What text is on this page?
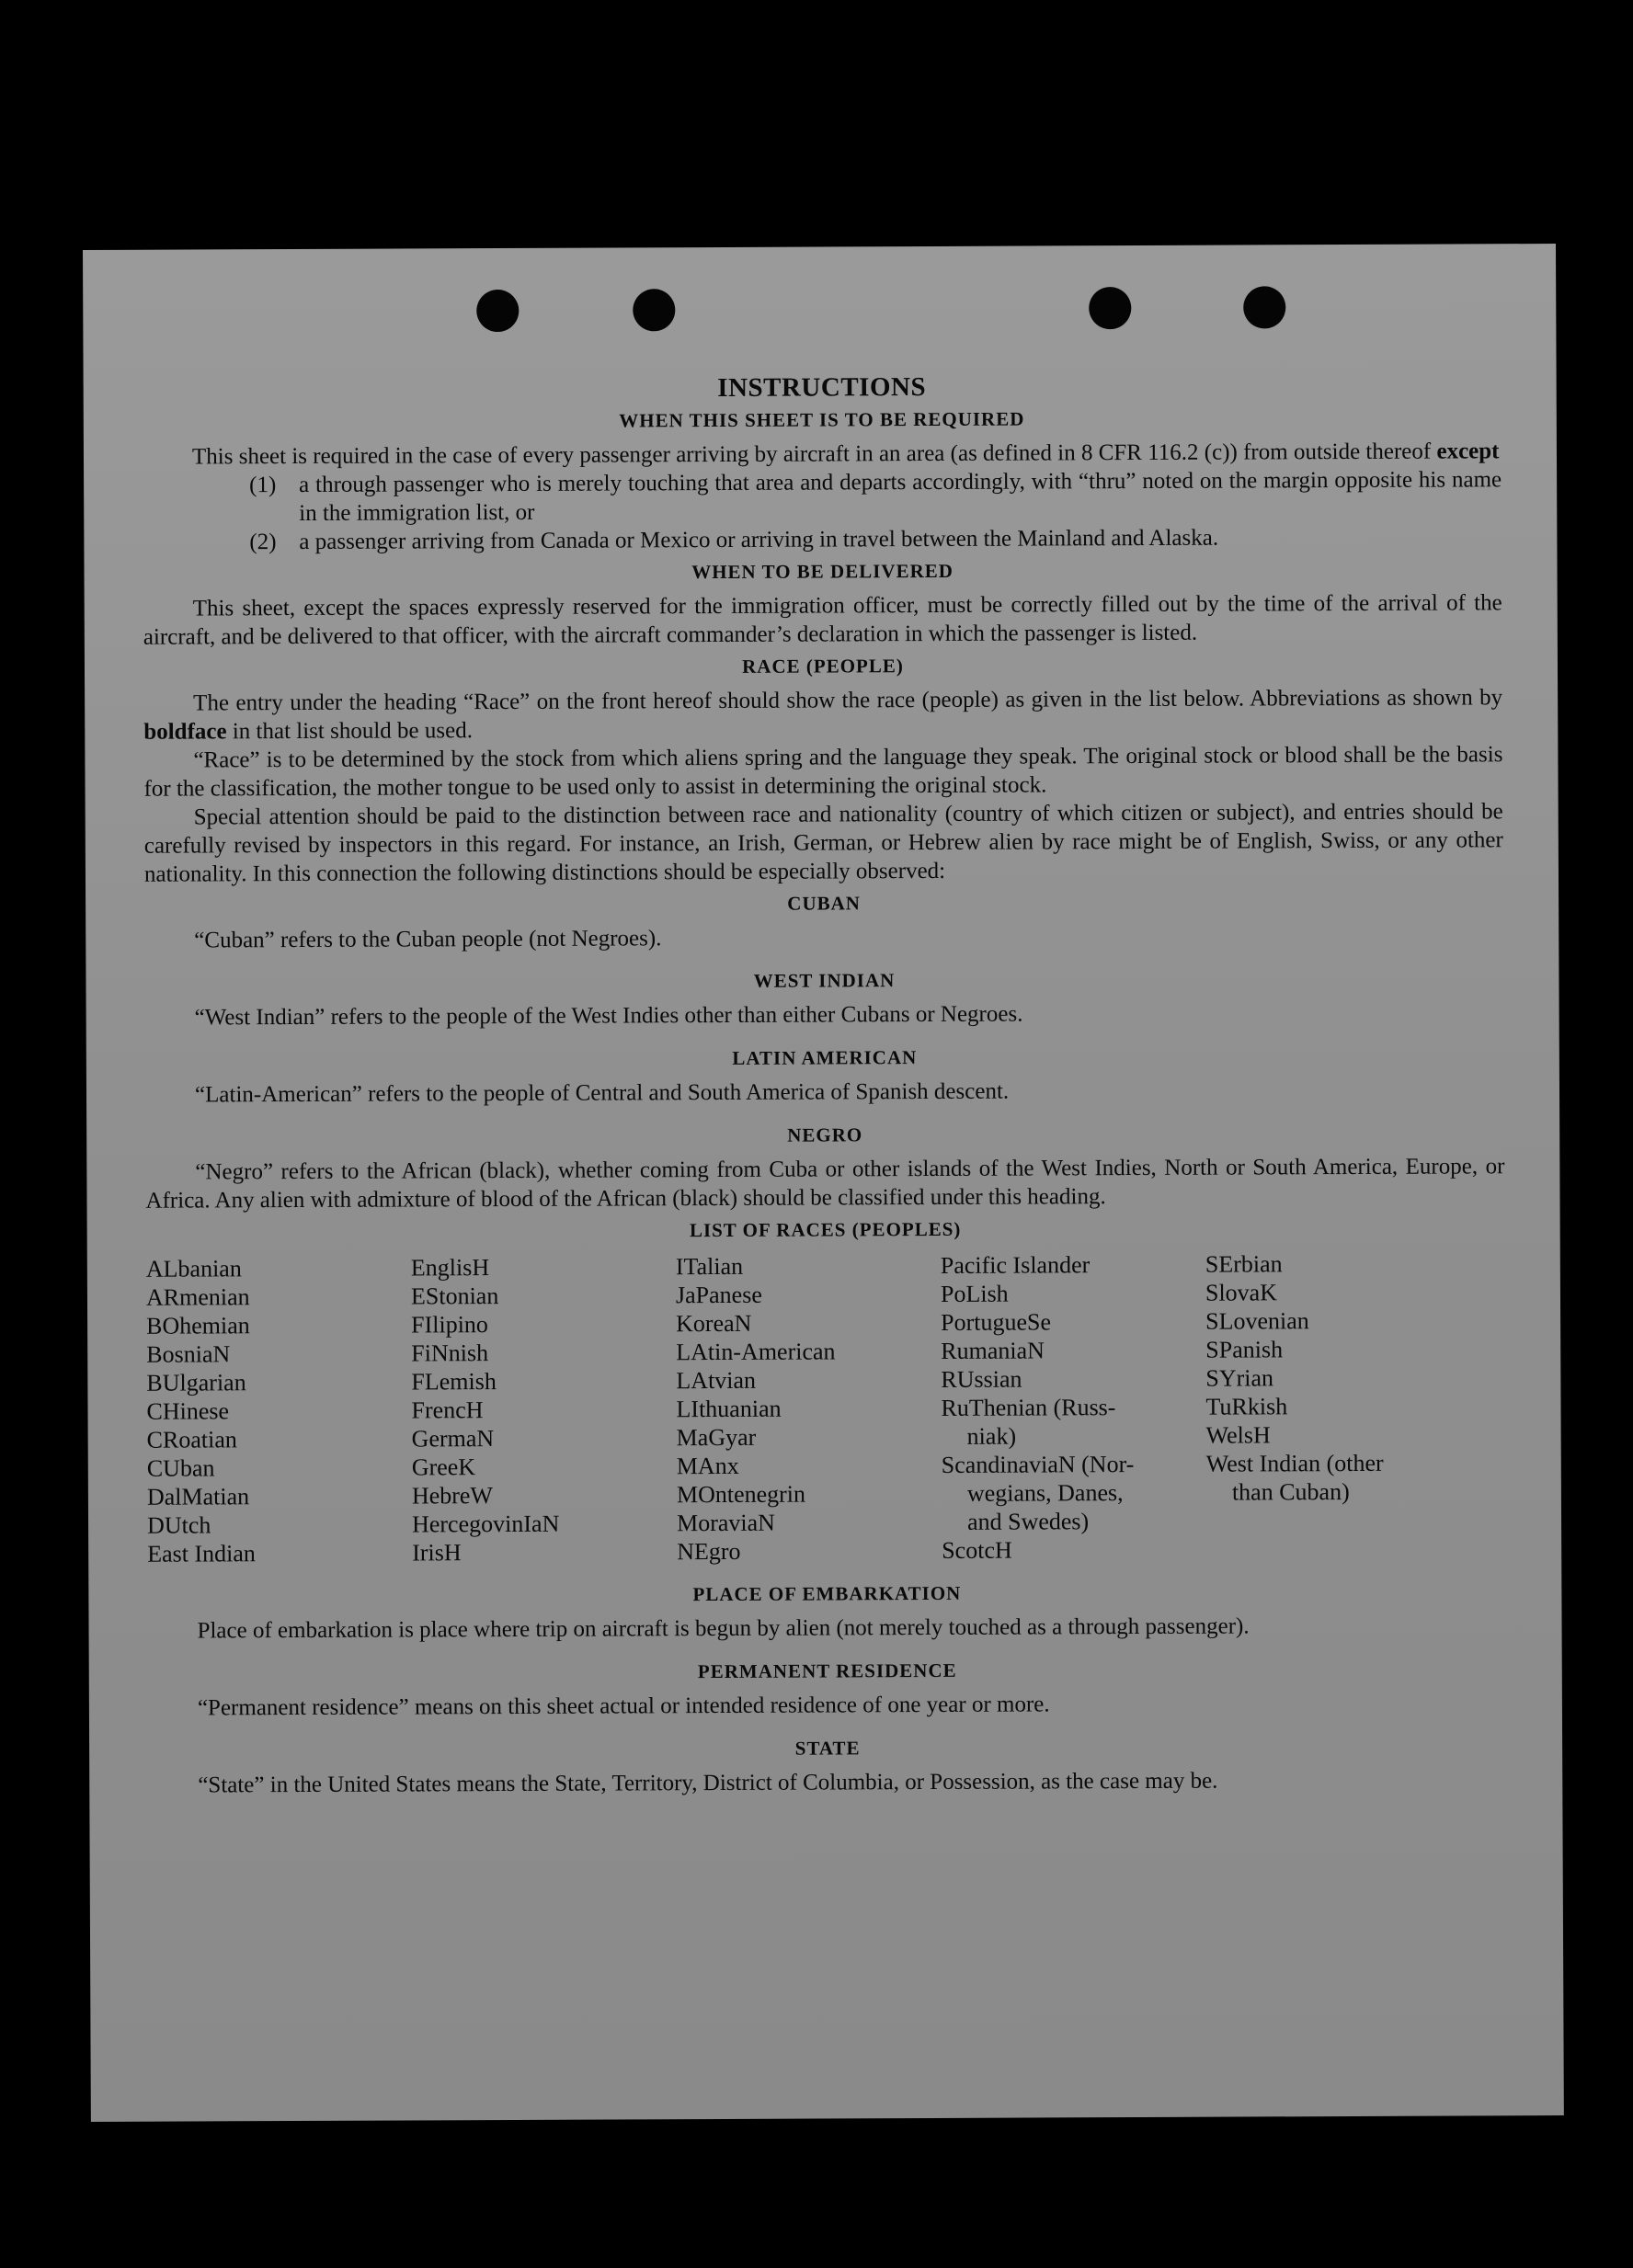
INSTRUCTIONS
WHEN THIS SHEET IS TO BE REQUIRED

This sheet is required in the case of every passenger arriving by aircraft in an area (as defined in 8 CFR 116.2 (c)) from outside thereof except

(1) a through passenger who is merely touching that area and departs accordingly, with “thru” noted on the margin opposite his name in the immigration list, or
(2) a passenger arriving from Canada or Mexico or arriving in travel between the Mainland and Alaska.
WHEN TO BE DELIVERED

This sheet, except the spaces expressly reserved for the immigration officer, must be correctly filled out by the time of the arrival of the aircraft, and be delivered to that officer, with the aircraft commander’s declaration in which the passenger is listed.

RACE (PEOPLE)

The entry under the heading “Race” on the front hereof should show the race (people) as given in the list below. Abbreviations as shown by boldface in that list should be used.

“Race” is to be determined by the stock from which aliens spring and the language they speak. The original stock or blood shall be the basis for the classification, the mother tongue to be used only to assist in determining the original stock.

Special attention should be paid to the distinction between race and nationality (country of which citizen or subject), and entries should be carefully revised by inspectors in this regard. For instance, an Irish, German, or Hebrew alien by race might be of English, Swiss, or any other nationality. In this connection the following distinctions should be especially observed:

CUBAN

“Cuban” refers to the Cuban people (not Negroes).

WEST INDIAN

“West Indian” refers to the people of the West Indies other than either Cubans or Negroes.

LATIN AMERICAN

“Latin-American” refers to the people of Central and South America of Spanish descent.

NEGRO

“Negro” refers to the African (black), whether coming from Cuba or other islands of the West Indies, North or South America, Europe, or Africa. Any alien with admixture of blood of the African (black) should be classified under this heading.

LIST OF RACES (PEOPLES)
ALbanian
ARmenian
BOhemian
BosniaN
BUlgarian
CHinese
CRoatian
CUban
DalMatian
DUtch
East Indian
EnglisH
EStonian
FIlipino
FiNnish
FLemish
FrencH
GermaN
GreeK
HebreW
HercegovinIaN
IrisH
ITalian
JaPanese
KoreaN
LAtin-American
LAtvian
LIthuanian
MaGyar
MAnx
MOntenegrin
MoraviaN
NEgro
Pacific Islander
PoLish
PortugueSe
RumaniaN
RUssian
RuThenian (Russ-
niak)
ScandinaviaN (Nor-
wegians, Danes,
and Swedes)
ScotcH
SErbian
SlovaK
SLovenian
SPanish
SYrian
TuRkish
WelsH
West Indian (other
than Cuban)
PLACE OF EMBARKATION

Place of embarkation is place where trip on aircraft is begun by alien (not merely touched as a through passenger).

PERMANENT RESIDENCE

“Permanent residence” means on this sheet actual or intended residence of one year or more.

STATE

“State” in the United States means the State, Territory, District of Columbia, or Possession, as the case may be.
